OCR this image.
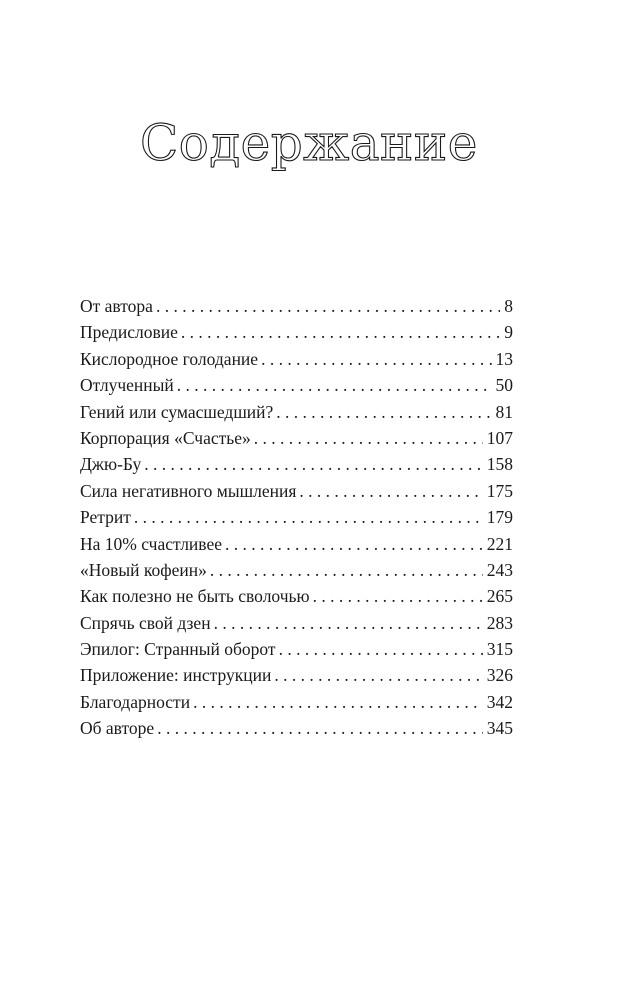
Содержание
От автора . . .	8
Предисловие . . .	9
Кислородное голодание . . .	13
Отлученный . . .	50
Гений или сумасшедший? . . .	81
Корпорация «Счастье» . . .	107
Джю-Бу . . .	158
Сила негативного мышления . . .	175
Ретрит . . .	179
На 10% счастливее . . .	221
«Новый кофеин» . . .	243
Как полезно не быть сволочью . . .	265
Спрячь свой дзен . . .	283
Эпилог: Странный оборот . . .	315
Приложение: инструкции . . .	326
Благодарности . . .	342
Об авторе . . .	345
